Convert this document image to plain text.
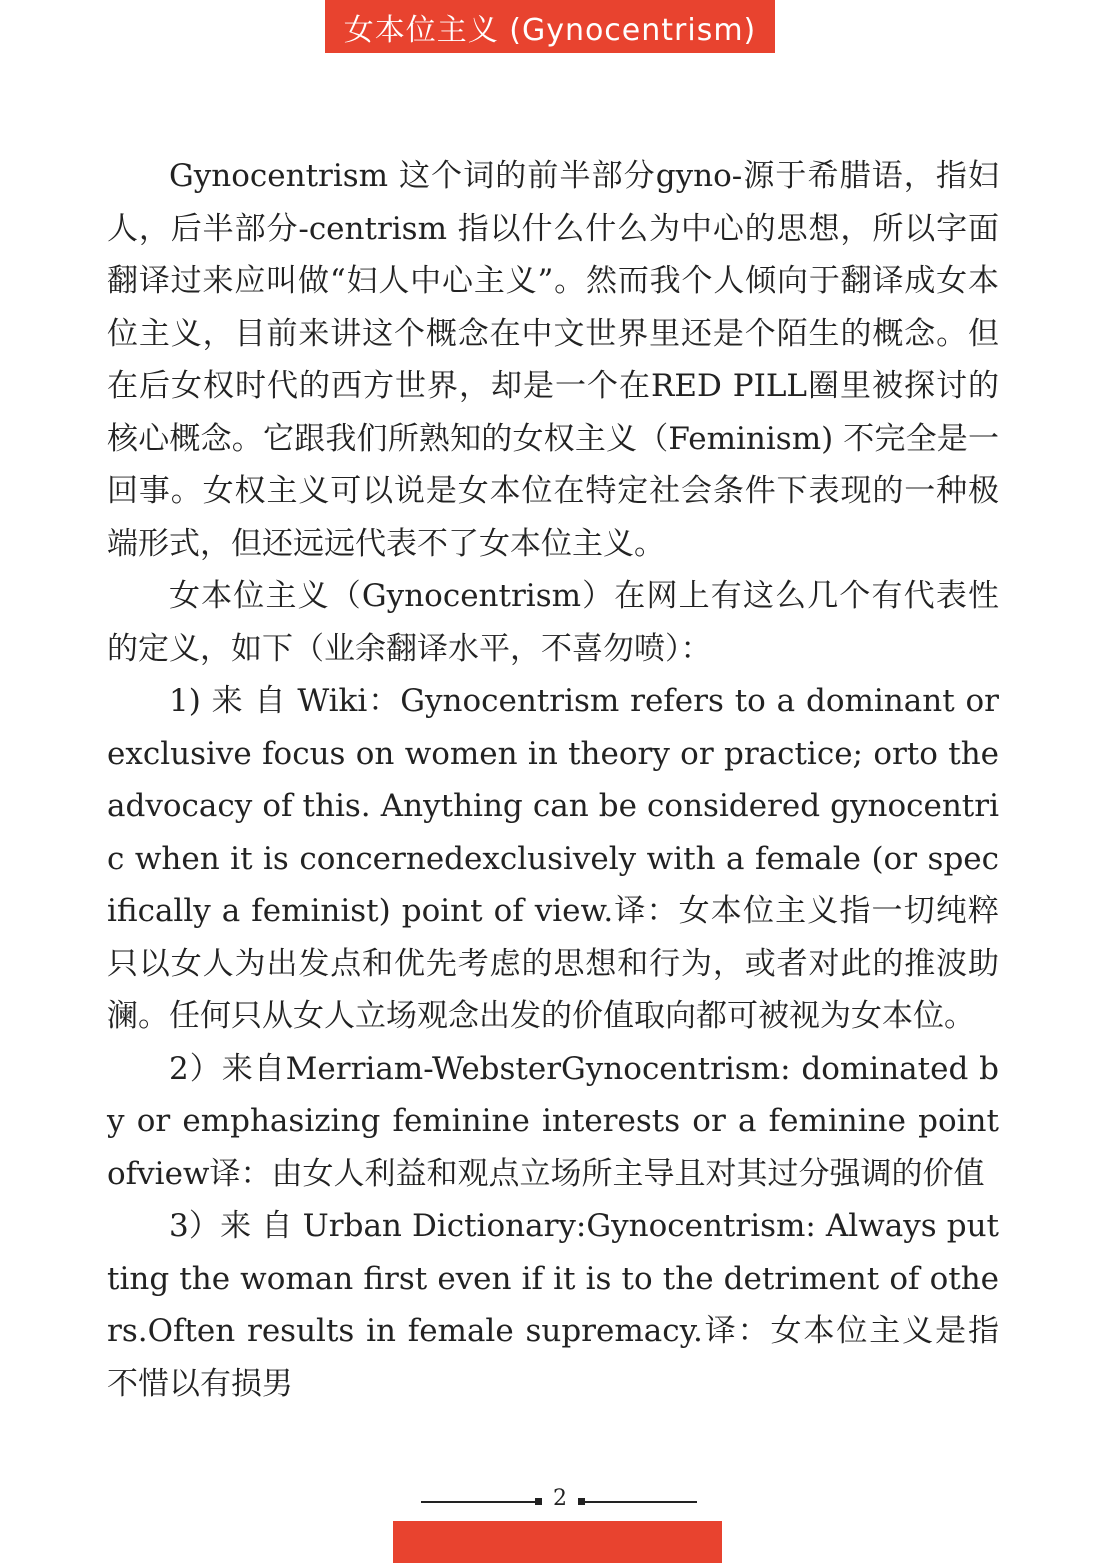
女本位主义 (Gynocentrism)

Gynocentrism 这个词的前半部分gyno-源于希腊语，指妇人，后半部分-centrism 指以什么什么为中心的思想，所以字面翻译过来应叫做“妇人中心主义”。然而我个人倾向于翻译成女本位主义，目前来讲这个概念在中文世界里还是个陌生的概念。但在后女权时代的西方世界，却是一个在RED PILL圈里被探讨的核心概念。它跟我们所熟知的女权主义（Feminism) 不完全是一回事。女权主义可以说是女本位在特定社会条件下表现的一种极端形式，但还远远代表不了女本位主义。

女本位主义（Gynocentrism）在网上有这么几个有代表性的定义，如下（业余翻译水平，不喜勿喷）：

1) 来 自 Wiki：Gynocentrism refers to a dominant or exclusive focus on women in theory or practice; orto the advocacy of this. Anything can be considered gynocentric when it is concernedexclusively with a female (or specifically a feminist) point of view.译：女本位主义指一切纯粹只以女人为出发点和优先考虑的思想和行为，或者对此的推波助澜。任何只从女人立场观念出发的价值取向都可被视为女本位。

2）来自Merriam-WebsterGynocentrism: dominated by or emphasizing feminine interests or a feminine point ofview译：由女人利益和观点立场所主导且对其过分强调的价值

3）来 自 Urban Dictionary:Gynocentrism: Always putting the woman first even if it is to the detriment of others.Often results in female supremacy.译：女本位主义是指不惜以有损男

2
